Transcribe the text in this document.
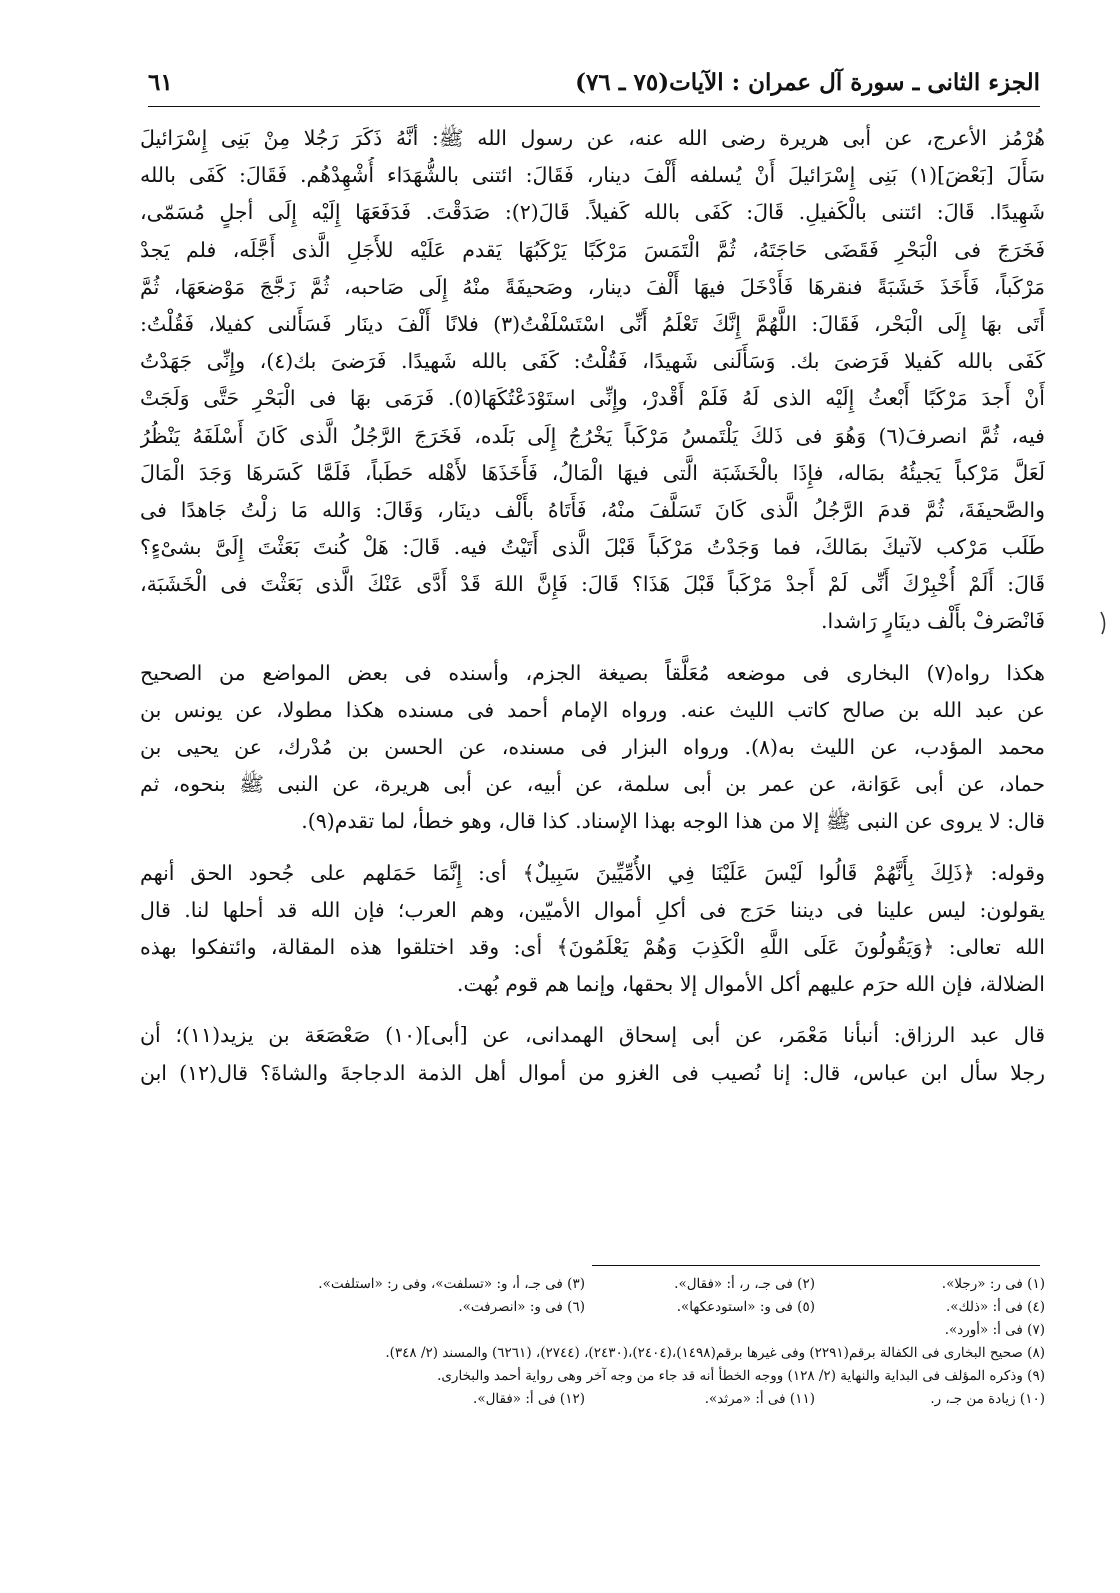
الجزء الثانى ـ سورة آل عمران : الآيات(٧٥ ـ ٧٦)
٦١
هُرْمُز الأعرج، عن أبى هريرة رضى الله عنه، عن رسول الله ﷺ: أنَّهُ ذَكَرَ رَجُلا مِنْ بَنِى إِسْرَائيلَ
سَأَلَ [بَعْضَ](١) بَنِى إِسْرَائيلَ أَنْ يُسلفه أَلْفَ دينار، فَقَالَ: ائتنى بالشُّهَدَاء أُشْهِدْهُم. فَقَالَ: كَفَى بالله
شَهِيدًا. قَالَ: ائتنى بالْكَفيلِ. قَالَ: كَفَى بالله كَفيلاً. قَالَ(٢): صَدَقْتَ. فَدَفَعَهَا إِلَيْه إِلَى أجلٍ مُسَمّى،
فَخَرَجَ فى الْبَحْرِ فَقَضَى حَاجَتَهُ، ثُمَّ الْتَمَسَ مَرْكَبًا يَرْكَبُهَا يَقدم عَلَيْه للأَجَلِ الَّذى أَجَّلَه، فلم يَجدْ
مَرْكَباً، فَأَخَذَ خَشَبَةً فنقرهَا فَأَدْخَلَ فيهَا أَلْفَ دينار، وصَحيفَةً منْهُ إِلَى صَاحبه، ثُمَّ زَجَّجَ مَوْضعَهَا، ثُمَّ
أَتَى بهَا إِلَى الْبَحْر، فَقَالَ: اللَّهُمَّ إِنَّكَ تَعْلَمُ أَنِّى اسْتَسْلَفْتُ(٣) فلانًا أَلْفَ دينَار فَسَأَلنى كفيلا، فَقُلْتُ:
كَفَى بالله كَفيلا فَرَضىَ بك. وَسَأَلَنى شَهيدًا، فَقُلْتُ: كَفَى بالله شَهيدًا. فَرَضىَ بك(٤)، وإِنِّى جَهَدْتُ
أَنْ أَجدَ مَرْكَبًا أَبْعثُ إِلَيْه الذى لَهُ فَلَمْ أَقْدرْ، وإِنِّى استَوْدَعْتُكَهَا(٥). فَرَمَى بهَا فى الْبَحْرِ حَتَّى وَلَجَتْ
فيه، ثُمَّ انصرفَ(٦) وَهُوَ فى ذَلكَ يَلْتَمسُ مَرْكَباً يَخْرُجُ إِلَى بَلَده، فَخَرَجَ الرَّجُلُ الَّذى كَانَ أَسْلَفَهُ يَنْظُرُ
لَعَلَّ مَرْكباً يَجيئُهُ بمَاله، فإِذَا بالْخَشَبَة الَّتى فيهَا الْمَالُ، فَأَخَذَهَا لأَهْله حَطَباً، فَلَمَّا كَسَرهَا وَجَدَ الْمَالَ
والصَّحيفَةَ، ثُمَّ قدمَ الرَّجُلُ الَّذى كَانَ تَسَلَّفَ منْهُ، فَأَتَاهُ بأَلْف دينَار، وَقَالَ: وَالله مَا زلْتُ جَاهدًا فى
طَلَب مَرْكب لآتيكَ بمَالكَ، فما وَجَدْتُ مَرْكَباً قَبْلَ الَّذى أَتَيْتُ فيه. قَالَ: هَلْ كُنتَ بَعَثْتَ إِلَىَّ بشىْءٍ؟
قَالَ: أَلَمْ أُخْبِرْكَ أَنِّى لَمْ أَجدْ مَرْكَباً قَبْلَ هَذَا؟ قَالَ: فَإِنَّ اللهَ قَدْ أَدَّى عَنْكَ الَّذى بَعَثْتَ فى الْخَشَبَة،
فَانْصَرفْ بأَلْف دينَارٍ رَاشدا.
هكذا رواه(٧) البخارى فى موضعه مُعَلَّقاً بصيغة الجزم، وأسنده فى بعض المواضع من الصحيح
عن عبد الله بن صالح كاتب الليث عنه. ورواه الإمام أحمد فى مسنده هكذا مطولا، عن يونس بن
محمد المؤدب، عن الليث به(٨). ورواه البزار فى مسنده، عن الحسن بن مُدْرك، عن يحيى بن
حماد، عن أبى عَوَانة، عن عمر بن أبى سلمة، عن أبيه، عن أبى هريرة، عن النبى ﷺ بنحوه، ثم
قال: لا يروى عن النبى ﷺ إلا من هذا الوجه بهذا الإسناد. كذا قال، وهو خطأ، لما تقدم(٩).
وقوله: ﴿ذَلِكَ بِأَنَّهُمْ قَالُوا لَيْسَ عَلَيْنَا فِي الأُمِّيِّينَ سَبِيلٌ﴾ أى: إِنَّمَا حَمَلهم على جُحود الحق أنهم
يقولون: ليس علينا فى ديننا حَرَج فى أكلِ أموال الأميّين، وهم العرب؛ فإن الله قد أحلها لنا. قال
الله تعالى: ﴿وَيَقُولُونَ عَلَى اللَّهِ الْكَذِبَ وَهُمْ يَعْلَمُونَ﴾ أى: وقد اختلقوا هذه المقالة، وائتفكوا بهذه
الضلالة، فإن الله حرَم عليهم أكل الأموال إلا بحقها، وإنما هم قوم بُهت.
قال عبد الرزاق: أنبأنا مَعْمَر، عن أبى إسحاق الهمدانى، عن [أبى](١٠) صَعْصَعَة بن يزيد(١١)؛ أن
رجلا سأل ابن عباس، قال: إنا نُصيب فى الغزو من أموال أهل الذمة الدجاجةَ والشاةَ؟ قال(١٢) ابن
(١) فى ر: «رجلا».
(٢) فى جـ، ر، أ: «فقال».
(٣) فى جـ، أ، و: «تسلفت»، وفى ر: «استلفت».
(٤) فى أ: «ذلك».
(٥) فى و: «استودعكها».
(٦) فى و: «انصرفت».
(٧) فى أ: «أورد».
(٨) صحيح البخارى فى الكفالة برقم(٢٢٩١) وفى غيرها برقم(١٤٩٨)،(٢٤٠٤)،(٢٤٣٠)، (٢٧٤٤)، (٦٢٦١) والمسند (٢/ ٣٤٨).
(٩) وذكره المؤلف فى البداية والنهاية (٢/ ١٢٨) ووجه الخطأ أنه قد جاء من وجه آخر وهى رواية أحمد والبخارى.
(١٠) زيادة من جـ، ر.
(١١) فى أ: «مرثد».
(١٢) فى أ: «فقال».
